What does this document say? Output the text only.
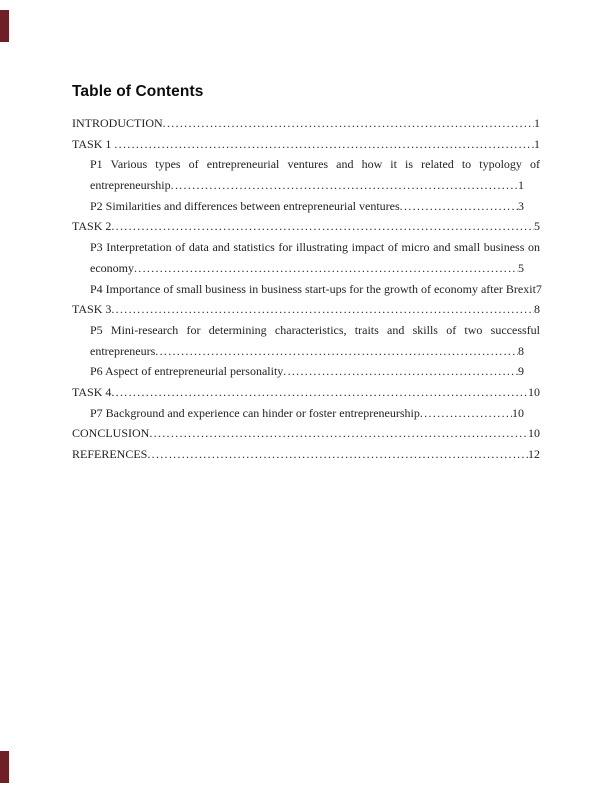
Table of Contents
INTRODUCTION .....	1
TASK 1 .....	1
P1 Various types of entrepreneurial ventures and how it is related to typology of
entrepreneurship .....	1
P2 Similarities and differences between entrepreneurial ventures .....	3
TASK 2 .....	5
P3 Interpretation of data and statistics for illustrating impact of micro and small business on
economy .....	5
P4 Importance of small business in business start-ups for the growth of economy after Brexit 7
TASK 3 .....	8
P5 Mini-research for determining characteristics, traits and skills of two successful
entrepreneurs .....	8
P6 Aspect of entrepreneurial personality .....	9
TASK 4 .....	10
P7 Background and experience can hinder or foster entrepreneurship .....	10
CONCLUSION .....	10
REFERENCES .....	12
